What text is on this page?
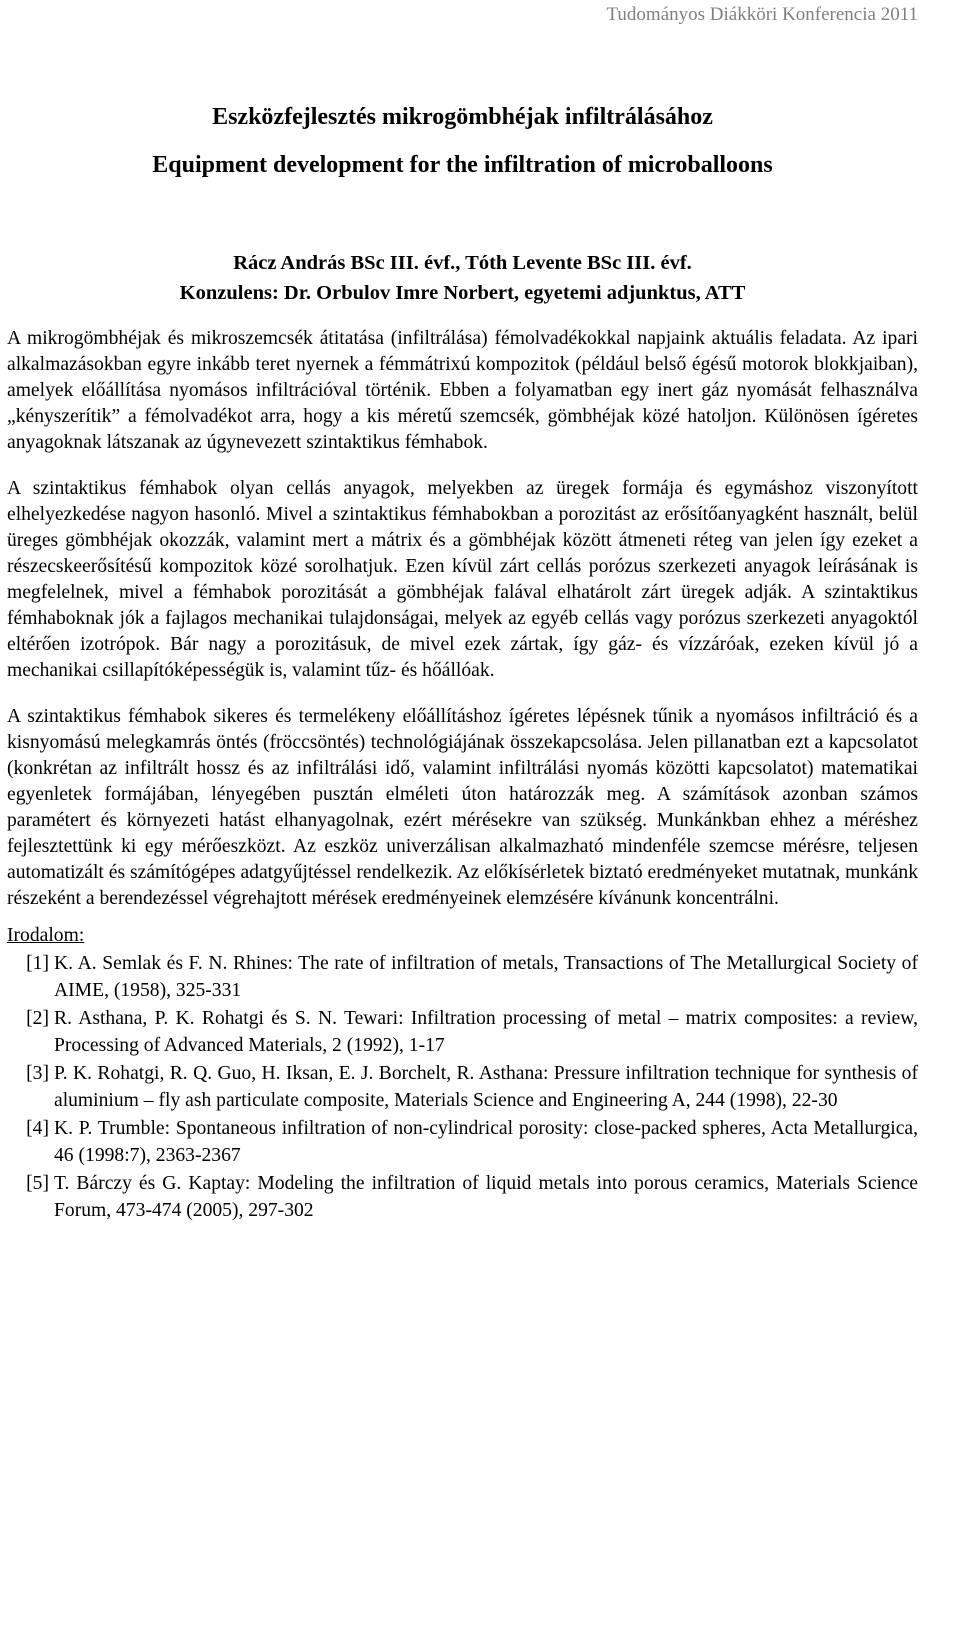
Tudományos Diákköri Konferencia 2011
Eszközfejlesztés mikrogömbhéjak infiltrálásához
Equipment development for the infiltration of microballoons
Rácz András BSc III. évf., Tóth Levente BSc III. évf.
Konzulens: Dr. Orbulov Imre Norbert, egyetemi adjunktus, ATT

A mikrogömbhéjak és mikroszemcsék átitatása (infiltrálása) fémolvadékokkal napjaink aktuális feladata. Az ipari alkalmazásokban egyre inkább teret nyernek a fémmátrixú kompozitok (például belső égésű motorok blokkjaiban), amelyek előállítása nyomásos infiltrációval történik. Ebben a folyamatban egy inert gáz nyomását felhasználva „kényszerítik” a fémolvadékot arra, hogy a kis méretű szemcsék, gömbhéjak közé hatoljon. Különösen ígéretes anyagoknak látszanak az úgynevezett szintaktikus fémhabok.

A szintaktikus fémhabok olyan cellás anyagok, melyekben az üregek formája és egymáshoz viszonyított elhelyezkedése nagyon hasonló. Mivel a szintaktikus fémhabokban a porozitást az erősítőanyagként használt, belül üreges gömbhéjak okozzák, valamint mert a mátrix és a gömbhéjak között átmeneti réteg van jelen így ezeket a részecskeerősítésű kompozitok közé sorolhatjuk. Ezen kívül zárt cellás porózus szerkezeti anyagok leírásának is megfelelnek, mivel a fémhabok porozitását a gömbhéjak falával elhatárolt zárt üregek adják. A szintaktikus fémhaboknak jók a fajlagos mechanikai tulajdonságai, melyek az egyéb cellás vagy porózus szerkezeti anyagoktól eltérően izotrópok. Bár nagy a porozitásuk, de mivel ezek zártak, így gáz- és vízzáróak, ezeken kívül jó a mechanikai csillapítóképességük is, valamint tűz- és hőállóak.

A szintaktikus fémhabok sikeres és termelékeny előállításhoz ígéretes lépésnek tűnik a nyomásos infiltráció és a kisnyomású melegkamrás öntés (fröccsöntés) technológiájának összekapcsolása. Jelen pillanatban ezt a kapcsolatot (konkrétan az infiltrált hossz és az infiltrálási idő, valamint infiltrálási nyomás közötti kapcsolatot) matematikai egyenletek formájában, lényegében pusztán elméleti úton határozzák meg. A számítások azonban számos paramétert és környezeti hatást elhanyagolnak, ezért mérésekre van szükség. Munkánkban ehhez a méréshez fejlesztettünk ki egy mérőeszközt. Az eszköz univerzálisan alkalmazható mindenféle szemcse mérésre, teljesen automatizált és számítógépes adatgyűjtéssel rendelkezik. Az előkísérletek biztató eredményeket mutatnak, munkánk részeként a berendezéssel végrehajtott mérések eredményeinek elemzésére kívánunk koncentrálni.

Irodalom:
[1] K. A. Semlak és F. N. Rhines: The rate of infiltration of metals, Transactions of The Metallurgical Society of AIME, (1958), 325-331
[2] R. Asthana, P. K. Rohatgi és S. N. Tewari: Infiltration processing of metal – matrix composites: a review, Processing of Advanced Materials, 2 (1992), 1-17
[3] P. K. Rohatgi, R. Q. Guo, H. Iksan, E. J. Borchelt, R. Asthana: Pressure infiltration technique for synthesis of aluminium – fly ash particulate composite, Materials Science and Engineering A, 244 (1998), 22-30
[4] K. P. Trumble: Spontaneous infiltration of non-cylindrical porosity: close-packed spheres, Acta Metallurgica, 46 (1998:7), 2363-2367
[5] T. Bárczy és G. Kaptay: Modeling the infiltration of liquid metals into porous ceramics, Materials Science Forum, 473-474 (2005), 297-302
